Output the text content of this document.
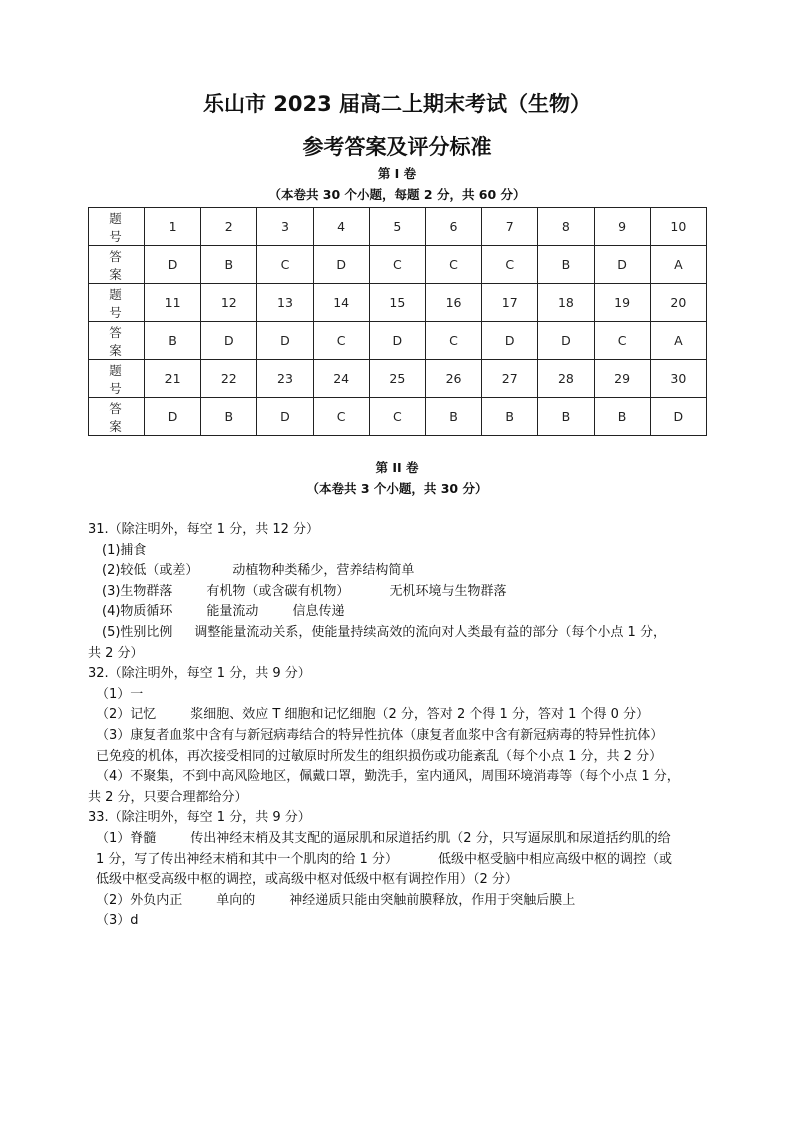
乐山市 2023 届高二上期末考试（生物）
参考答案及评分标准
第 I 卷
（本卷共 30 个小题，每题 2 分，共 60 分）
题号	1	2	3	4	5	6	7	8	9	10
答案	D	B	C	D	C	C	C	B	D	A
题号	11	12	13	14	15	16	17	18	19	20
答案	B	D	D	C	D	C	D	D	C	A
题号	21	22	23	24	25	26	27	28	29	30
答案	D	B	D	C	C	B	B	B	B	D
第 II 卷
（本卷共 3 个小题，共 30 分）
31.（除注明外，每空 1 分，共 12 分）
(1)捕食
(2)较低（或差）	动植物种类稀少，营养结构简单
(3)生物群落	有机物（或含碳有机物）	无机环境与生物群落
(4)物质循环	能量流动	信息传递
(5)性别比例 调整能量流动关系，使能量持续高效的流向对人类最有益的部分（每个小点 1 分，
共 2 分）
32.（除注明外，每空 1 分，共 9 分）
（1）一
（2）记忆	浆细胞、效应 T 细胞和记忆细胞（2 分，答对 2 个得 1 分，答对 1 个得 0 分）
（3）康复者血浆中含有与新冠病毒结合的特异性抗体（康复者血浆中含有新冠病毒的特异性抗体）
已免疫的机体，再次接受相同的过敏原时所发生的组织损伤或功能紊乱（每个小点 1 分，共 2 分）
（4）不聚集，不到中高风险地区，佩戴口罩，勤洗手，室内通风，周围环境消毒等（每个小点 1 分，
共 2 分，只要合理都给分）
33.（除注明外，每空 1 分，共 9 分）
（1）脊髓	传出神经末梢及其支配的逼尿肌和尿道括约肌（2 分，只写逼尿肌和尿道括约肌的给
1 分，写了传出神经末梢和其中一个肌肉的给 1 分）	低级中枢受脑中相应高级中枢的调控（或
低级中枢受高级中枢的调控，或高级中枢对低级中枢有调控作用）（2 分）
（2）外负内正	单向的	神经递质只能由突触前膜释放，作用于突触后膜上
（3）d
